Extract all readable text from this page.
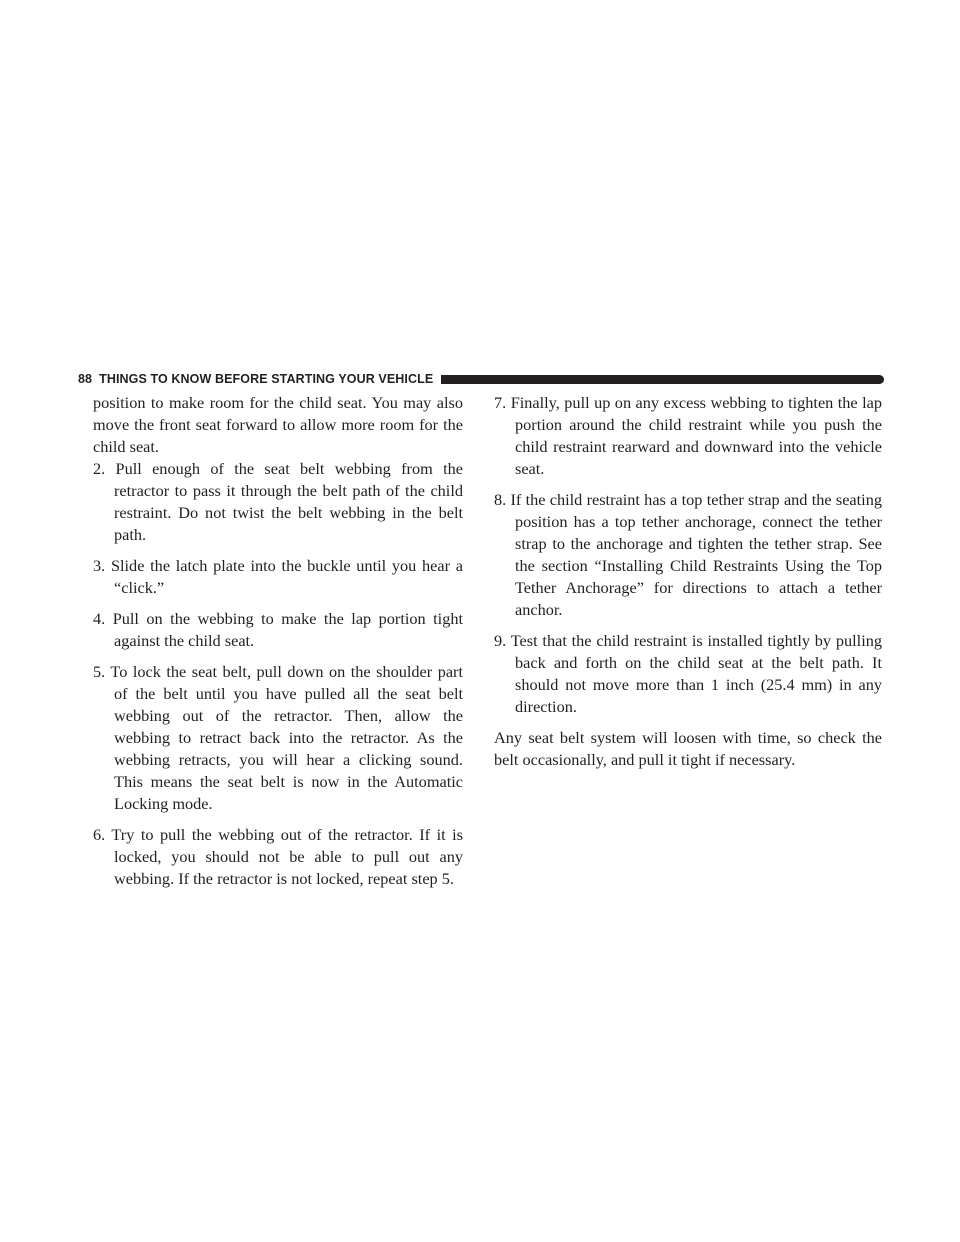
88 THINGS TO KNOW BEFORE STARTING YOUR VEHICLE

position to make room for the child seat. You may also move the front seat forward to allow more room for the child seat.

2. Pull enough of the seat belt webbing from the retractor to pass it through the belt path of the child restraint. Do not twist the belt webbing in the belt path.
3. Slide the latch plate into the buckle until you hear a “click.”
4. Pull on the webbing to make the lap portion tight against the child seat.
5. To lock the seat belt, pull down on the shoulder part of the belt until you have pulled all the seat belt webbing out of the retractor. Then, allow the webbing to retract back into the retractor. As the webbing retracts, you will hear a clicking sound. This means the seat belt is now in the Automatic Locking mode.
6. Try to pull the webbing out of the retractor. If it is locked, you should not be able to pull out any webbing. If the retractor is not locked, repeat step 5.
7. Finally, pull up on any excess webbing to tighten the lap portion around the child restraint while you push the child restraint rearward and downward into the vehicle seat.
8. If the child restraint has a top tether strap and the seating position has a top tether anchorage, connect the tether strap to the anchorage and tighten the tether strap. See the section “Installing Child Restraints Using the Top Tether Anchorage” for directions to attach a tether anchor.
9. Test that the child restraint is installed tightly by pulling back and forth on the child seat at the belt path. It should not move more than 1 inch (25.4 mm) in any direction.

Any seat belt system will loosen with time, so check the belt occasionally, and pull it tight if necessary.
